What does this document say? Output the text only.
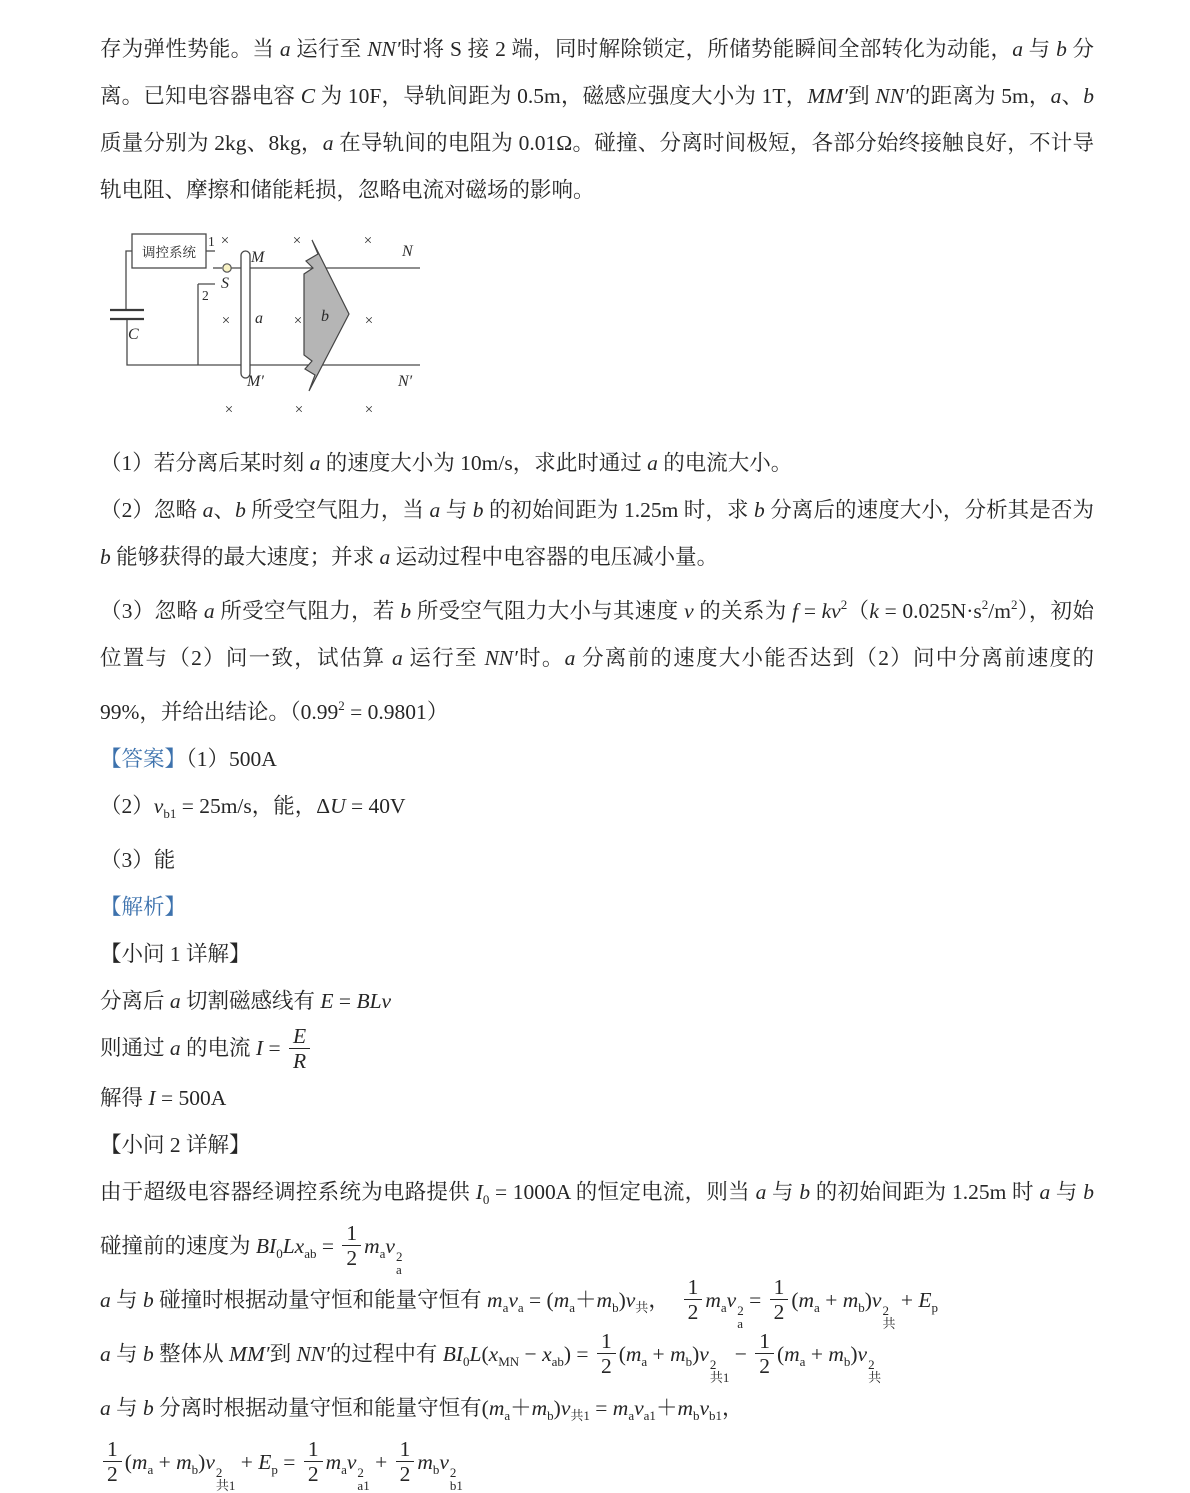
存为弹性势能。当 a 运行至 NN′时将 S 接 2 端，同时解除锁定，所储势能瞬间全部转化为动能，a 与 b 分离。已知电容器电容 C 为 10F，导轨间距为 0.5m，磁感应强度大小为 1T，MM′到 NN′的距离为 5m，a、b 质量分别为 2kg、8kg，a 在导轨间的电阻为 0.01Ω。碰撞、分离时间极短，各部分始终接触良好，不计导轨电阻、摩擦和储能耗损，忽略电流对磁场的影响。
调控系统
C
1
2
S
a	b
M	N
M′	N′
×	×	×
×	×	×
×	×	×
（1）若分离后某时刻 a 的速度大小为 10m/s，求此时通过 a 的电流大小。
（2）忽略 a、b 所受空气阻力，当 a 与 b 的初始间距为 1.25m 时，求 b 分离后的速度大小，分析其是否为 b 能够获得的最大速度；并求 a 运动过程中电容器的电压减小量。
（3）忽略 a 所受空气阻力，若 b 所受空气阻力大小与其速度 v 的关系为 $f = kv^2(k = 0.025N\cdot s^2/m^2)$，初始位置与（2）问一致，试估算 a 运行至 NN′时。a 分离前的速度大小能否达到（2）问中分离前速度的 99%，并给出结论。$(0.99^2 = 0.9801)$
【答案】（1）500A
$(2)v_{b1} = 25m/s$，能，ΔU = 40V
（3）能
【解析】
【小问 1 详解】
分离后 a 切割磁感线有 E = BLv
则通过 a 的电流 $I = \frac{E}{R}$
解得 I = 500A
【小问 2 详解】
由于超级电容器经调控系统为电路提供 $I_0 = 1000A$ 的恒定电流，则当 a 与 b 的初始间距为 1.25m 时 a 与 b 碰撞前的速度为 $BI_0Lx_{ab} = \frac{1}{2} m_av$ 2
a
a 与 b 碰撞时根据动量守恒和能量守恒有 $m_av_a = (m_a+m_b)v_共$，　 $\frac{1}{2} m_av$ 2
a
= $\frac{1}{2} (m_a + m_b)v$ 2
共
+ $E_p$
a 与 b 整体从 MM′到 NN′的过程中有 $BI_0L(x_{MN} - x_{ab}) = \frac{1}{2} (m_a + m_b)v$ 2
共1
− $\frac{1}{2} (m_a + m_b)v$ 2
共
a 与 b 分离时根据动量守恒和能量守恒有$(m_a+m_b)v_{共1} = m_av_{a1}+m_bv_{b1}$，
$\frac{1}{2} (m_a + m_b)v$ 2
共1
+ $E_p = \frac{1}{2} m_av$ 2
a1
+ $\frac{1}{2} m_bv$ 2
b1
